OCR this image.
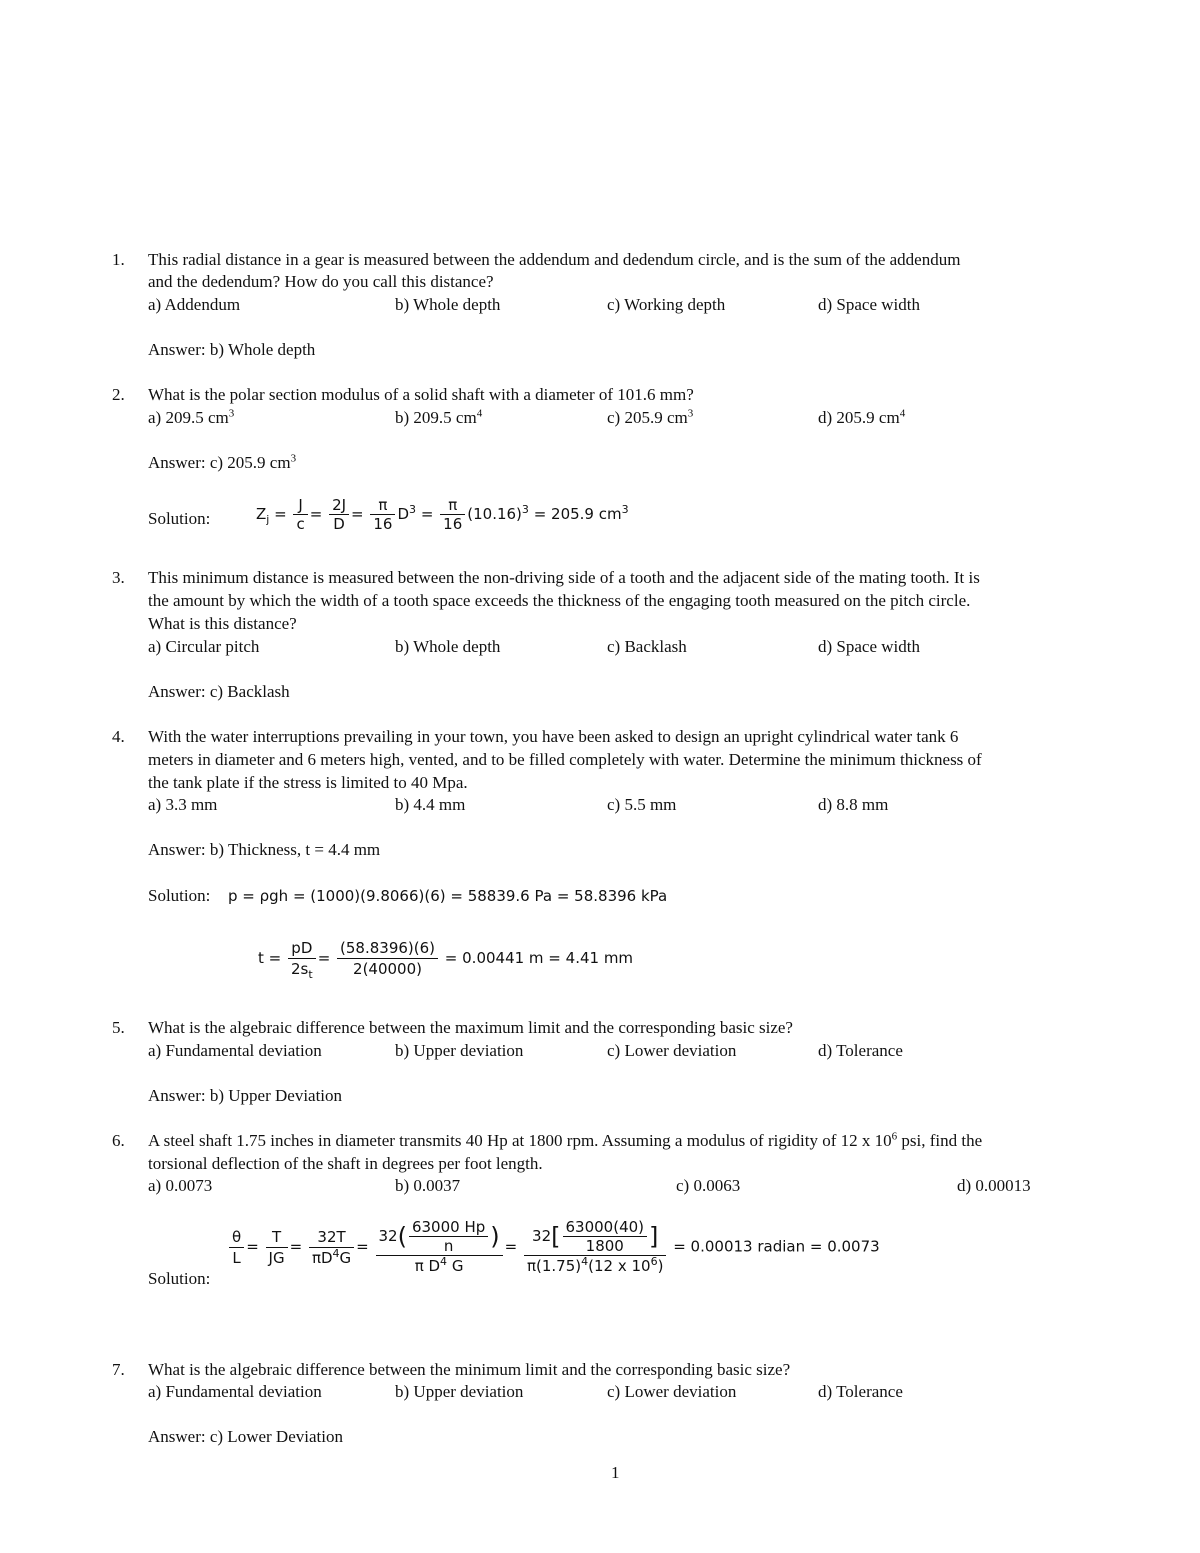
1. This radial distance in a gear is measured between the addendum and dedendum circle, and is the sum of the addendum
and the dedendum? How do you call this distance?
a) Addendum	b) Whole depth	c) Working depth	d) Space width
Answer: b) Whole depth
2. What is the polar section modulus of a solid shaft with a diameter of 101.6 mm?
a) 209.5 $cm^3$	b) 209.5 $cm^4$	c) 205.9 $cm^3$	d) 205.9 $cm^4$
Answer: c) 205.9 $cm^3$
Solution:	$Z_j = \frac{J}{c} = \frac{2J}{D} = \frac{\pi}{16} D^3 = \frac{\pi}{16} (10.16)^3 = 205.9$ $cm^3$
3. This minimum distance is measured between the non-driving side of a tooth and the adjacent side of the mating tooth. It is
the amount by which the width of a tooth space exceeds the thickness of the engaging tooth measured on the pitch circle.
What is this distance?
a) Circular pitch	b) Whole depth	c) Backlash	d) Space width
Answer: c) Backlash
4. With the water interruptions prevailing in your town, you have been asked to design an upright cylindrical water tank 6
meters in diameter and 6 meters high, vented, and to be filled completely with water. Determine the minimum thickness of
the tank plate if the stress is limited to 40 Mpa.
a) 3.3 mm	b) 4.4 mm	c) 5.5 mm	d) 8.8 mm
Answer: b) Thickness, t = 4.4 mm
Solution: p = ρgh = (1000)(9.8066)(6) = 58839.6 Pa = 58.8396 kPa
$t = \frac{pD}{2s_t} = \frac{(58.8396)(6)}{2(40000)} = 0.00441$ m = 4.41 mm
5. What is the algebraic difference between the maximum limit and the corresponding basic size?
a) Fundamental deviation	b) Upper deviation	c) Lower deviation	d) Tolerance
Answer: b) Upper Deviation
6. A steel shaft 1.75 inches in diameter transmits 40 Hp at 1800 rpm. Assuming a modulus of rigidity of 12 x $10^6$ psi, find the
torsional deflection of the shaft in degrees per foot length.
a) 0.0073	b) 0.0037	c) 0.0063	d) 0.00013
Solution:
$\frac{\theta}{L} = \frac{T}{JG} = \frac{32T}{\pi D^4G} = \frac{32( \frac{63000 Hp}{n} )}{\pi D^4 G} = \frac{32[ \frac{63000(40)}{1800} ]}{\pi(1.75)^4(12 x 10^6)} = 0.00013$ radian = 0.0073
7. What is the algebraic difference between the minimum limit and the corresponding basic size?
a) Fundamental deviation	b) Upper deviation	c) Lower deviation	d) Tolerance
Answer: c) Lower Deviation
1
